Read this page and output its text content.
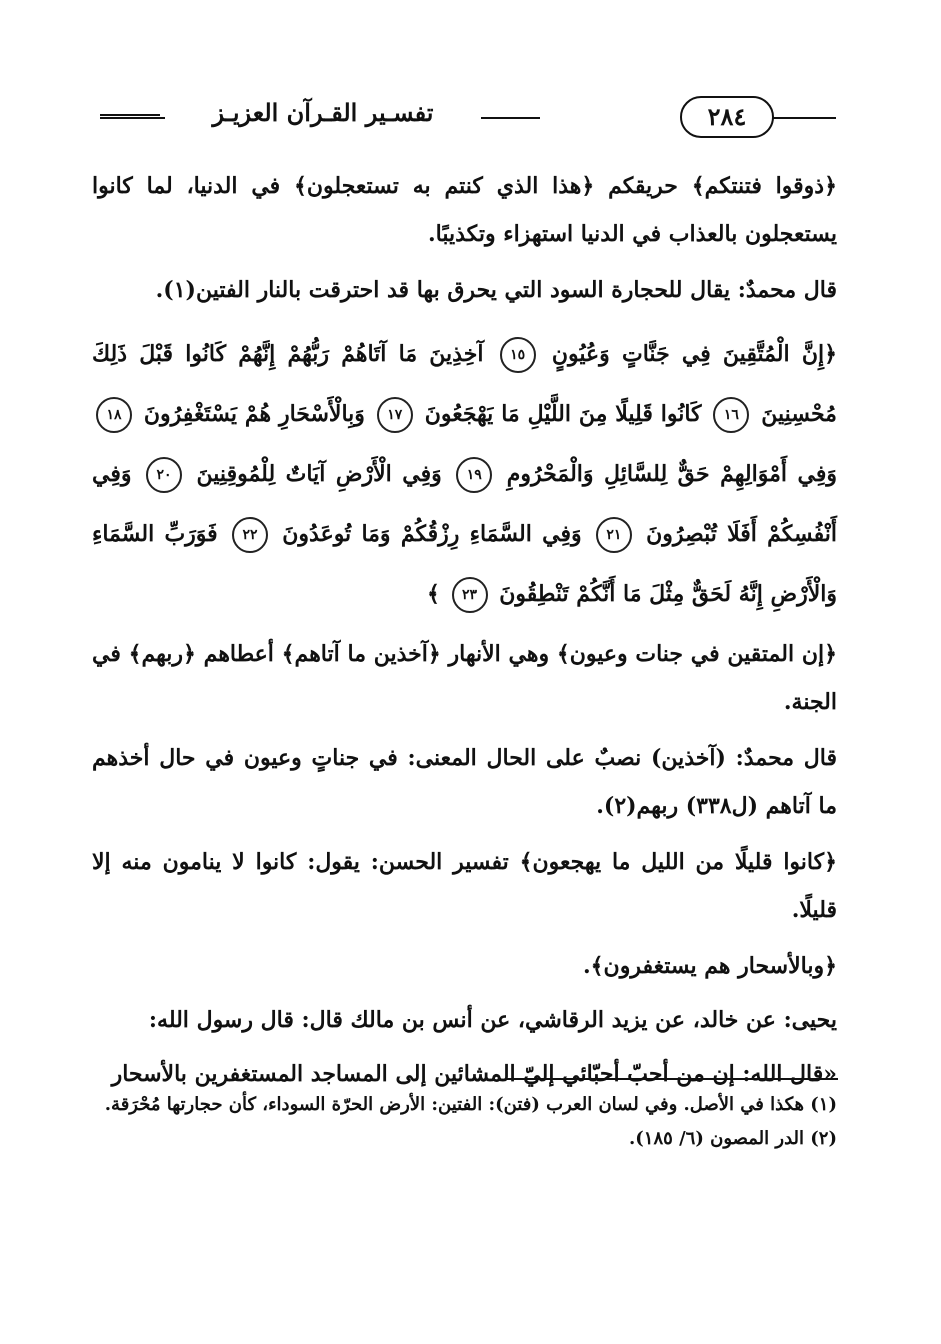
تفسـير القـرآن العزيـز	٢٨٤

﴿ذوقوا فتنتكم﴾ حريقكم ﴿هذا الذي كنتم به تستعجلون﴾ في الدنيا، لما كانوا يستعجلون بالعذاب في الدنيا استهزاء وتكذيبًا.

قال محمدٌ: يقال للحجارة السود التي يحرق بها قد احترقت بالنار الفتين(١).

﴿إِنَّ الْمُتَّقِينَ فِي جَنَّاتٍ وَعُيُونٍ ١٥ آخِذِينَ مَا آتَاهُمْ رَبُّهُمْ إِنَّهُمْ كَانُوا قَبْلَ ذَلِكَ مُحْسِنِينَ ١٦ كَانُوا قَلِيلًا مِنَ اللَّيْلِ مَا يَهْجَعُونَ ١٧ وَبِالْأَسْحَارِ هُمْ يَسْتَغْفِرُونَ ١٨ وَفِي أَمْوَالِهِمْ حَقٌّ لِلسَّائِلِ وَالْمَحْرُومِ ١٩ وَفِي الْأَرْضِ آيَاتٌ لِلْمُوقِنِينَ ٢٠ وَفِي أَنْفُسِكُمْ أَفَلَا تُبْصِرُونَ ٢١ وَفِي السَّمَاءِ رِزْقُكُمْ وَمَا تُوعَدُونَ ٢٢ فَوَرَبِّ السَّمَاءِ وَالْأَرْضِ إِنَّهُ لَحَقٌّ مِثْلَ مَا أَنَّكُمْ تَنْطِقُونَ ٢٣ ﴾

﴿إن المتقين في جنات وعيون﴾ وهي الأنهار ﴿آخذين ما آتاهم﴾ أعطاهم ﴿ربهم﴾ في الجنة.

قال محمدٌ: (آخذين) نصبٌ على الحال المعنى: في جناتٍ وعيون في حال أخذهم ما آتاهم (ل٣٣٨) ربهم(٢).

﴿كانوا قليلًا من الليل ما يهجعون﴾ تفسير الحسن: يقول: كانوا لا ينامون منه إلا قليلًا.

﴿وبالأسحار هم يستغفرون﴾.

يحيى: عن خالد، عن يزيد الرقاشي، عن أنس بن مالك قال: قال رسول الله:

«قال الله: إن من أحبّ أحبّائي إليّ المشائين إلى المساجد المستغفرين بالأسحار

(١) هكذا في الأصل. وفي لسان العرب (فتن): الفتين: الأرض الحرّة السوداء، كأن حجارتها مُحْرَقة.

(٢) الدر المصون (٦/ ١٨٥).
